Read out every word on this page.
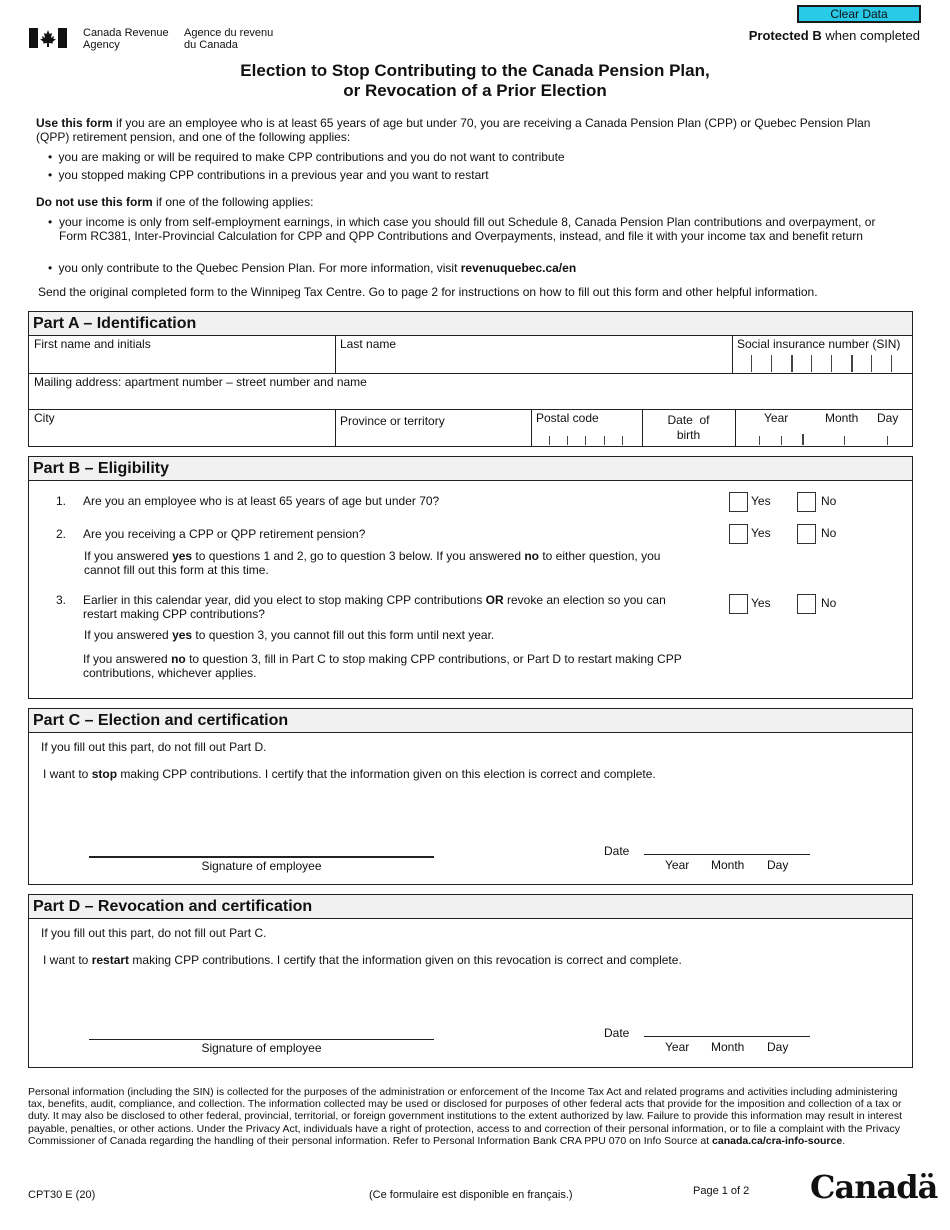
Canada Revenue
Agency
Agence du revenu
du Canada
Clear Data
Protected B when completed
Election to Stop Contributing to the Canada Pension Plan,
or Revocation of a Prior Election
Use this form if you are an employee who is at least 65 years of age but under 70, you are receiving a Canada Pension Plan (CPP) or Quebec Pension Plan (QPP) retirement pension, and one of the following applies:
• you are making or will be required to make CPP contributions and you do not want to contribute
• you stopped making CPP contributions in a previous year and you want to restart
Do not use this form if one of the following applies:
• your income is only from self-employment earnings, in which case you should fill out Schedule 8, Canada Pension Plan contributions and overpayment, or Form RC381, Inter-Provincial Calculation for CPP and QPP Contributions and Overpayments, instead, and file it with your income tax and benefit return
• you only contribute to the Quebec Pension Plan. For more information, visit revenuquebec.ca/en
Send the original completed form to the Winnipeg Tax Centre. Go to page 2 for instructions on how to fill out this form and other helpful information.
Part A – Identification
First name and initials	Last name	Social insurance number (SIN)
Mailing address: apartment number – street number and name
City	Province or territory	Postal code	Date  of
birth
Year	Month Day
Part B – Eligibility
1. Are you an employee who is at least 65 years of age but under 70?	Yes	No
2. Are you receiving a CPP or QPP retirement pension?	Yes	No
If you answered yes to questions 1 and 2, go to question 3 below. If you answered no to either question, you cannot fill out this form at this time.
3. Earlier in this calendar year, did you elect to stop making CPP contributions OR revoke an election so you can restart making CPP contributions?
Yes	No
If you answered yes to question 3, you cannot fill out this form until next year.
If you answered no to question 3, fill in Part C to stop making CPP contributions, or Part D to restart making CPP contributions, whichever applies.
Part C – Election and certification
If you fill out this part, do not fill out Part D.
I want to stop making CPP contributions. I certify that the information given on this election is correct and complete.
Signature of employee
Date
Year Month Day
Part D – Revocation and certification
If you fill out this part, do not fill out Part C.
I want to restart making CPP contributions. I certify that the information given on this revocation is correct and complete.
Signature of employee
Date
Year Month Day
Personal information (including the SIN) is collected for the purposes of the administration or enforcement of the Income Tax Act and related programs and activities including administering tax, benefits, audit, compliance, and collection. The information collected may be used or disclosed for purposes of other federal acts that provide for the imposition and collection of a tax or duty. It may also be disclosed to other federal, provincial, territorial, or foreign government institutions to the extent authorized by law. Failure to provide this information may result in interest payable, penalties, or other actions. Under the Privacy Act, individuals have a right of protection, access to and correction of their personal information, or to file a complaint with the Privacy Commissioner of Canada regarding the handling of their personal information. Refer to Personal Information Bank CRA PPU 070 on Info Source at canada.ca/cra-info-source.
CPT30 E (20)	(Ce formulaire est disponible en français.)	Page 1 of 2 Canadä
